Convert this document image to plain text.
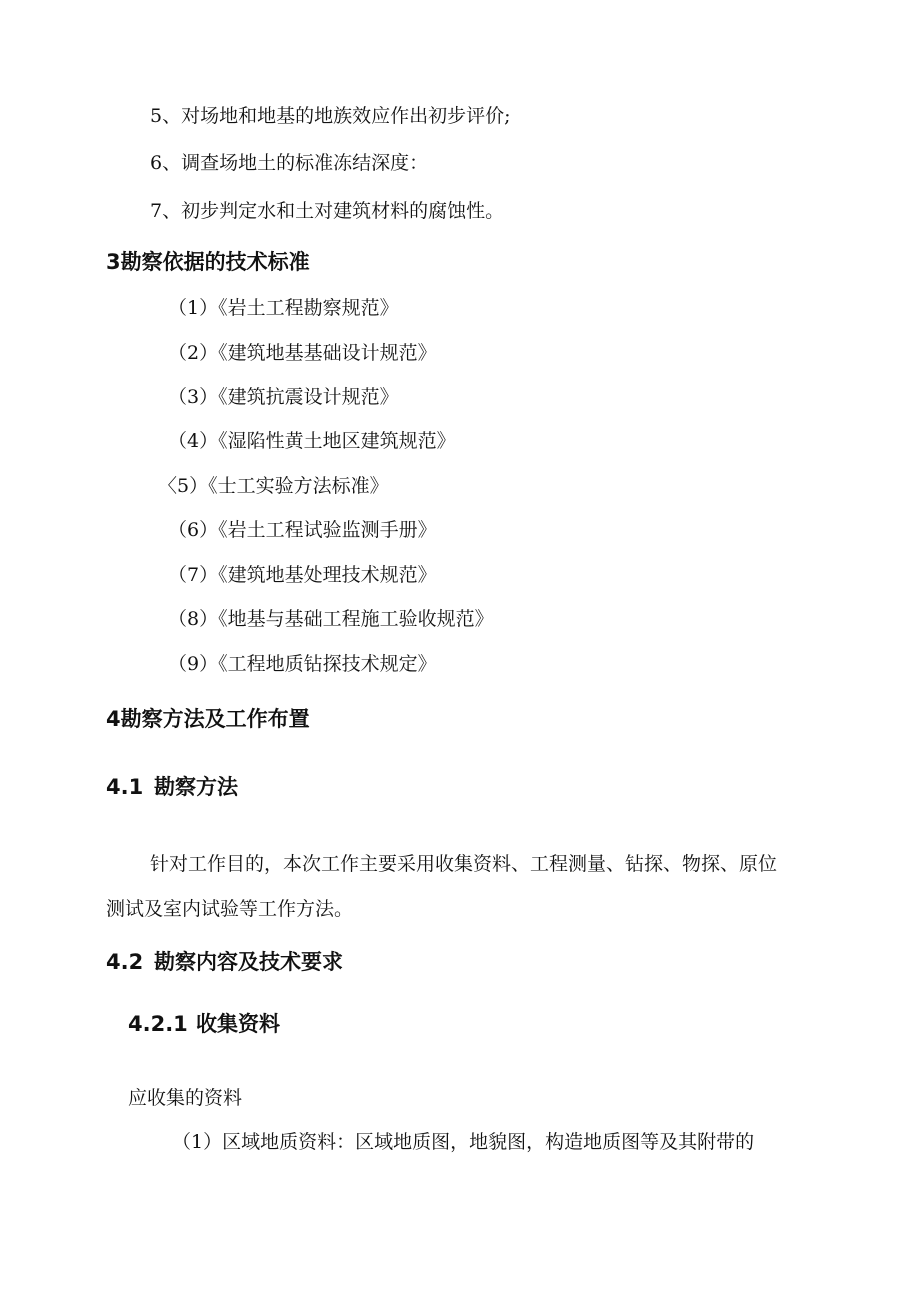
5、对场地和地基的地族效应作出初步评价;
6、调查场地土的标准冻结深度：
7、初步判定水和土对建筑材料的腐蚀性。
3勘察依据的技术标准
（1）《岩土工程勘察规范》
（2）《建筑地基基础设计规范》
（3）《建筑抗震设计规范》
（4）《湿陷性黄土地区建筑规范》
〈5）《士工实验方法标准》
（6）《岩土工程试验监测手册》
（7）《建筑地基处理技术规范》
（8）《地基与基础工程施工验收规范》
（9）《工程地质钻探技术规定》
4勘察方法及工作布置
4.1 勘察方法
针对工作目的，本次工作主要采用收集资料、工程测量、钻探、物探、原位
测试及室内试验等工作方法。
4.2 勘察内容及技术要求
4.2.1 收集资料
应收集的资料
（1）区域地质资料：区域地质图，地貌图，构造地质图等及其附带的
